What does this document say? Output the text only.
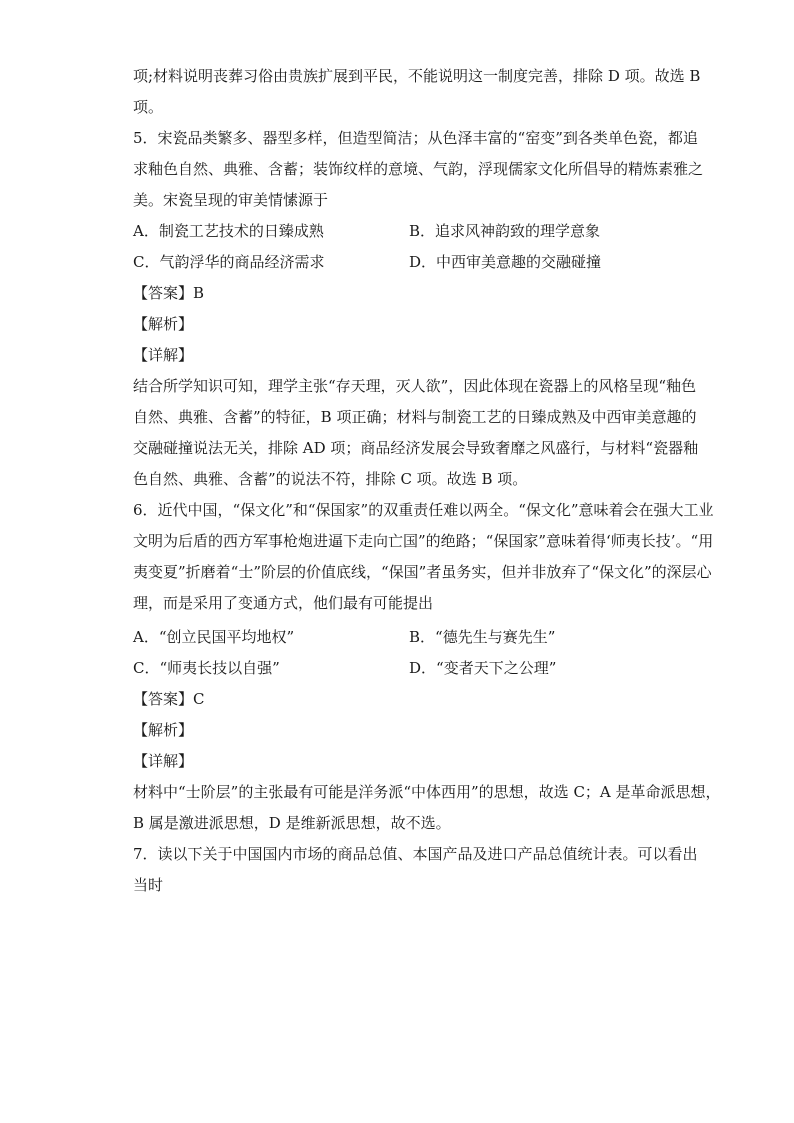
项;材料说明丧葬习俗由贵族扩展到平民，不能说明这一制度完善，排除 D 项。故选 B
项。
5．宋瓷品类繁多、器型多样，但造型简洁；从色泽丰富的“窑变”到各类单色瓷，都追
求釉色自然、典雅、含蓄；装饰纹样的意境、气韵，浮现儒家文化所倡导的精炼素雅之
美。宋瓷呈现的审美情愫源于
A．制瓷工艺技术的日臻成熟	B．追求风神韵致的理学意象
C．气韵浮华的商品经济需求	D．中西审美意趣的交融碰撞
【答案】B
【解析】
【详解】
结合所学知识可知，理学主张“存天理，灭人欲”，因此体现在瓷器上的风格呈现“釉色
自然、典雅、含蓄”的特征，B 项正确；材料与制瓷工艺的日臻成熟及中西审美意趣的
交融碰撞说法无关，排除 AD 项；商品经济发展会导致奢靡之风盛行，与材料“瓷器釉
色自然、典雅、含蓄”的说法不符，排除 C 项。故选 B 项。
6．近代中国，“保文化”和“保国家”的双重责任难以两全。“保文化”意味着会在强大工业
文明为后盾的西方军事枪炮进逼下走向亡国”的绝路；“保国家”意味着得‘师夷长技’。“用
夷变夏”折磨着“士”阶层的价值底线，“保国”者虽务实，但并非放弃了“保文化”的深层心
理，而是采用了变通方式，他们最有可能提出
A．“创立民国平均地权”	B．“德先生与赛先生”
C．“师夷长技以自强”	D．“变者天下之公理”
【答案】C
【解析】
【详解】
材料中“士阶层”的主张最有可能是洋务派“中体西用”的思想，故选 C；A 是革命派思想，
B 属是激进派思想，D 是维新派思想，故不选。
7．读以下关于中国国内市场的商品总值、本国产品及进口产品总值统计表。可以看出
当时
